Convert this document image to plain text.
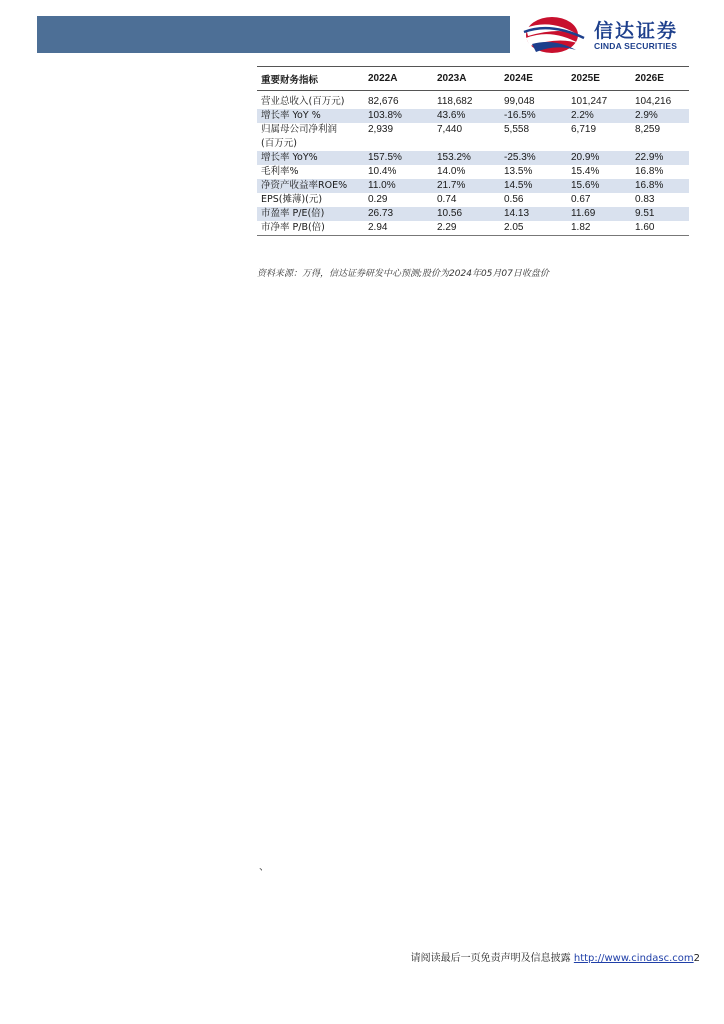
信达证券
CINDA SECURITIES
重要财务指标	2022A	2023A	2024E	2025E	2026E

营业总收入(百万元)	82,676	118,682	99,048	101,247	104,216
增长率 YoY %	103.8%	43.6%	-16.5%	2.2%	2.9%

归属母公司净利润
(百万元)	2,939	7,440	5,558	6,719	8,259
增长率 YoY%	157.5%	153.2%	-25.3%	20.9%	22.9%
毛利率%	10.4%	14.0%	13.5%	15.4%	16.8%
净资产收益率ROE%	11.0%	21.7%	14.5%	15.6%	16.8%
EPS(摊薄)(元)	0.29	0.74	0.56	0.67	0.83
市盈率 P/E(倍)	26.73	10.56	14.13	11.69	9.51
市净率 P/B(倍)	2.94	2.29	2.05	1.82	1.60
资料来源：万得，信达证券研发中心预测;股价为2024年05月07日收盘价
、
请阅读最后一页免责声明及信息披露 http://www.cindasc.com2
